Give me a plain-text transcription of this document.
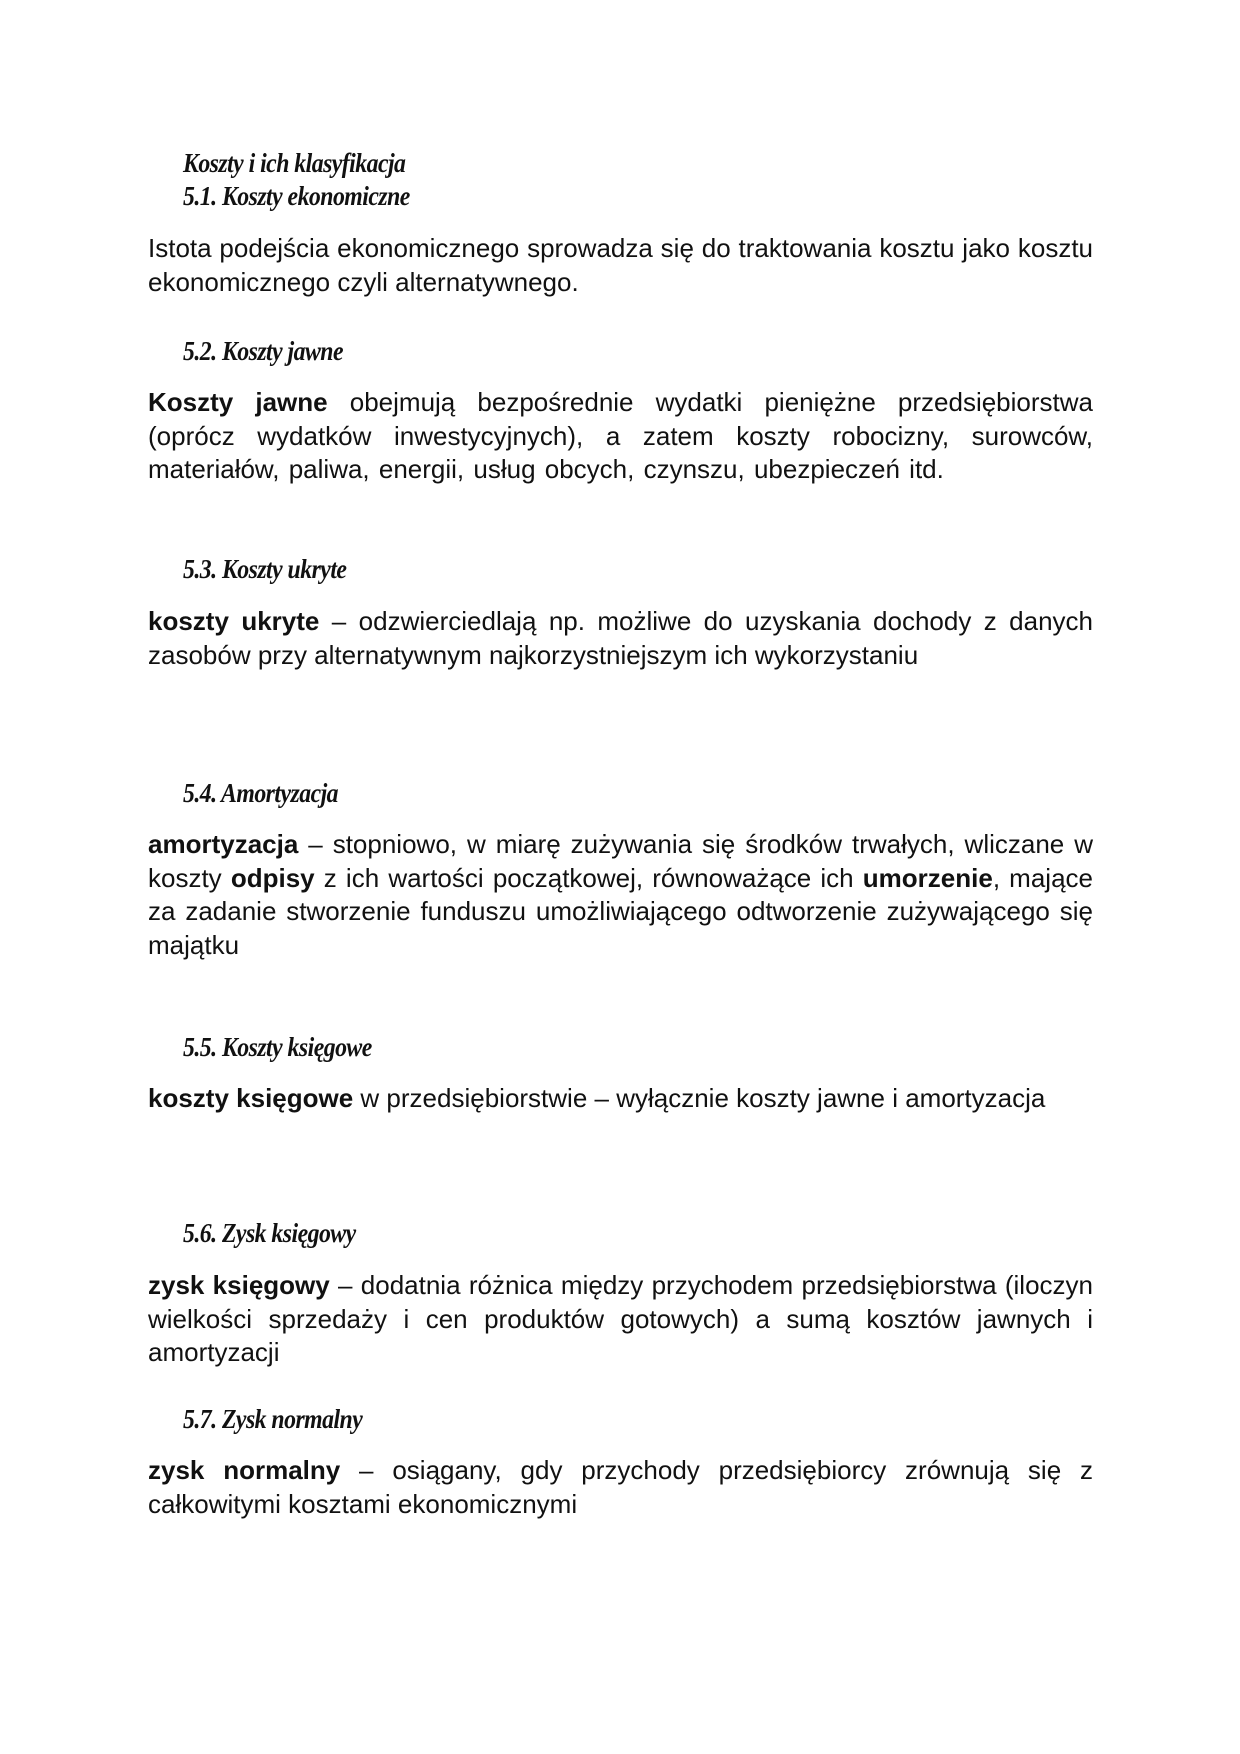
Koszty i ich klasyfikacja
5.1. Koszty ekonomiczne
Istota podejścia ekonomicznego sprowadza się do traktowania kosztu jako kosztu ekonomicznego czyli alternatywnego.
5.2. Koszty jawne
Koszty jawne obejmują bezpośrednie wydatki pieniężne przedsiębiorstwa (oprócz wydatków inwestycyjnych), a zatem koszty robocizny, surowców, materiałów, paliwa, energii, usług obcych, czynszu, ubezpieczeń itd.
5.3. Koszty ukryte
koszty ukryte – odzwierciedlają np. możliwe do uzyskania dochody z danych zasobów przy alternatywnym najkorzystniejszym ich wykorzystaniu
5.4. Amortyzacja
amortyzacja – stopniowo, w miarę zużywania się środków trwałych, wliczane w koszty odpisy z ich wartości początkowej, równoważące ich umorzenie, mające za zadanie stworzenie funduszu umożliwiającego odtworzenie zużywającego się majątku
5.5. Koszty księgowe
koszty księgowe w przedsiębiorstwie – wyłącznie koszty jawne i amortyzacja
5.6. Zysk księgowy
zysk księgowy – dodatnia różnica między przychodem przedsiębiorstwa (iloczyn wielkości sprzedaży i cen produktów gotowych) a sumą kosztów jawnych i amortyzacji
5.7. Zysk normalny
zysk normalny – osiągany, gdy przychody przedsiębiorcy zrównują się z całkowitymi kosztami ekonomicznymi
